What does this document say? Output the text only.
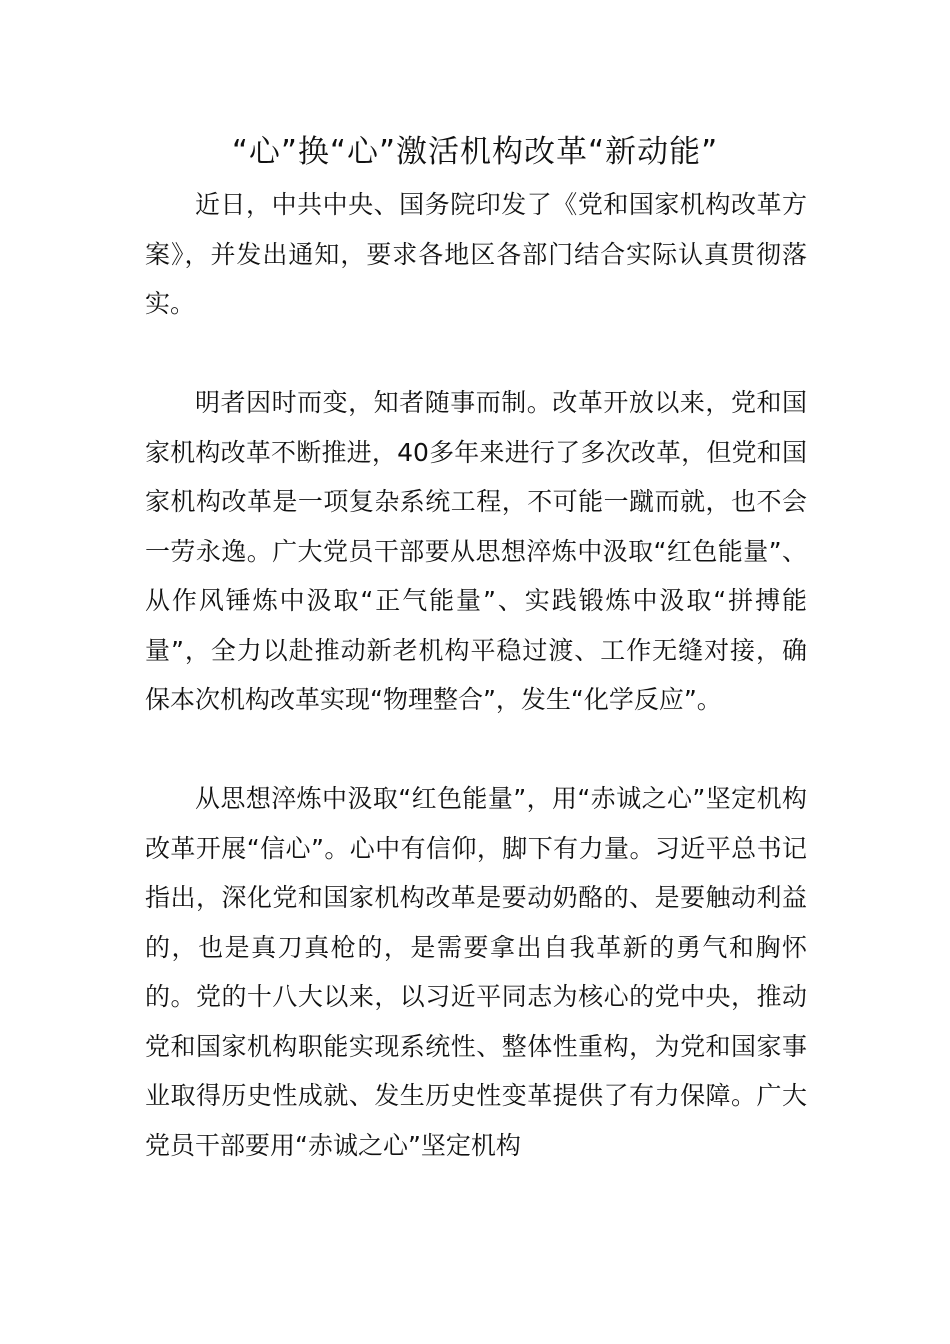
“心”换“心”激活机构改革“新动能”

近日，中共中央、国务院印发了《党和国家机构改革方案》，并发出通知，要求各地区各部门结合实际认真贯彻落实。

明者因时而变，知者随事而制。改革开放以来，党和国家机构改革不断推进，40多年来进行了多次改革，但党和国家机构改革是一项复杂系统工程，不可能一蹴而就，也不会一劳永逸。广大党员干部要从思想淬炼中汲取“红色能量”、从作风锤炼中汲取“正气能量”、实践锻炼中汲取“拼搏能量”，全力以赴推动新老机构平稳过渡、工作无缝对接，确保本次机构改革实现“物理整合”，发生“化学反应”。

从思想淬炼中汲取“红色能量”，用“赤诚之心”坚定机构改革开展“信心”。心中有信仰，脚下有力量。习近平总书记指出，深化党和国家机构改革是要动奶酪的、是要触动利益的，也是真刀真枪的，是需要拿出自我革新的勇气和胸怀的。党的十八大以来，以习近平同志为核心的党中央，推动党和国家机构职能实现系统性、整体性重构，为党和国家事业取得历史性成就、发生历史性变革提供了有力保障。广大党员干部要用“赤诚之心”坚定机构
